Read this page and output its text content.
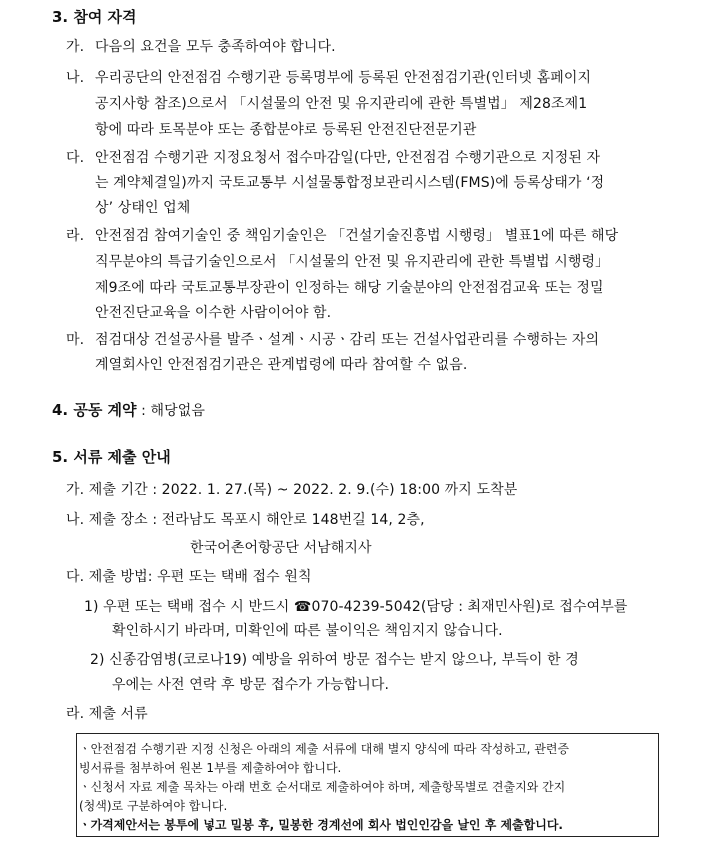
3. 참여 자격
가. 다음의 요건을 모두 충족하여야 합니다.
나. 우리공단의 안전점검 수행기관 등록명부에 등록된 안전점검기관(인터넷 홈페이지
공지사항 참조)으로서 「시설물의 안전 및 유지관리에 관한 특별법」 제28조제1
항에 따라 토목분야 또는 종합분야로 등록된 안전진단전문기관
다. 안전점검 수행기관 지정요청서 접수마감일(다만, 안전점검 수행기관으로 지정된 자
는 계약체결일)까지 국토교통부 시설물통합정보관리시스템(FMS)에 등록상태가 ‘정
상’ 상태인 업체
라. 안전점검 참여기술인 중 책임기술인은 「건설기술진흥법 시행령」 별표1에 따른 해당
직무분야의 특급기술인으로서 「시설물의 안전 및 유지관리에 관한 특별법 시행령」
제9조에 따라 국토교통부장관이 인정하는 해당 기술분야의 안전점검교육 또는 정밀
안전진단교육을 이수한 사람이어야 함.
마. 점검대상 건설공사를 발주ㆍ설계ㆍ시공ㆍ감리 또는 건설사업관리를 수행하는 자의
계열회사인 안전점검기관은 관계법령에 따라 참여할 수 없음.
4. 공동 계약 : 해당없음
5. 서류 제출 안내
가. 제출 기간 : 2022. 1. 27.(목) ~ 2022. 2. 9.(수) 18:00 까지 도착분
나. 제출 장소 : 전라남도 목포시 해안로 148번길 14, 2층,
한국어촌어항공단 서남해지사
다. 제출 방법: 우편 또는 택배 접수 원칙
1) 우편 또는 택배 접수 시 반드시 ☎070-4239-5042(담당 : 최재민사원)로 접수여부를
확인하시기 바라며, 미확인에 따른 불이익은 책임지지 않습니다.
2) 신종감염병(코로나19) 예방을 위하여 방문 접수는 받지 않으나, 부득이 한 경
우에는 사전 연락 후 방문 접수가 가능합니다.
라. 제출 서류
ㆍ안전점검 수행기관 지정 신청은 아래의 제출 서류에 대해 별지 양식에 따라 작성하고, 관련증
빙서류를 첨부하여 원본 1부를 제출하여야 합니다.
ㆍ신청서 자료 제출 목차는 아래 번호 순서대로 제출하여야 하며, 제출항목별로 견출지와 간지
(청색)로 구분하여야 합니다.
ㆍ가격제안서는 봉투에 넣고 밀봉 후, 밀봉한 경계선에 회사 법인인감을 날인 후 제출합니다.
